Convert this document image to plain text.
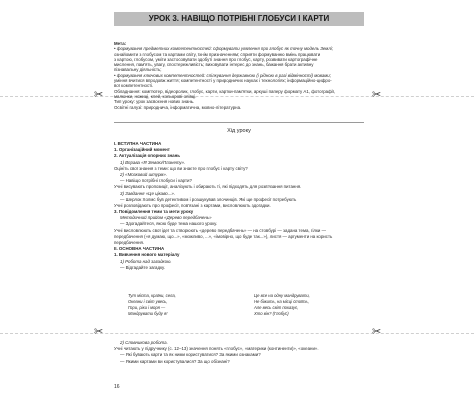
✂	✂
✂	✂
УРОК 3. НАВІЩО ПОТРІБНІ ГЛОБУСИ І КАРТИ
Мета:
• формування предметних компетентностей: сформувати уявлення про глобус як точну модель Землі;
ознайомити з глобусом та картами світу, їхнім призначенням; сприяти формуванню вмінь працювати
з картою, глобусом, уміти застосовувати здобуті знання про глобус, карту, розвивати картографічне
мислення, пам'ять, увагу, спостережливість; виховувати інтерес до знань, бажання брати активну
пізнавальну діяльність;
• формування ключових компетентностей: спілкування державною (і рідною в разі відмінності) мовами;
уміння вчитися впродовж життя; компетентності у природничих науках і технологіях; інформаційно-цифро-
вої компетентності.
Обладнання: комп'ютер, відеоролик, глобус, карти, картки-пам'ятки, аркуші паперу формату А1, фотографії,
малюнки, ножиці, клей, кольорові олівці.
Тип уроку: урок засвоєння нових знань.
Освітні галузі: природнича, інформатична, мовно-літературна.
Хід уроку
I. ВСТУПНА ЧАСТИНА
1. Організаційний момент
2. Актуалізація опорних знань
1) Вправа «Я Землю/Планету».
Оцініть свої знання з теми: що ви знаєте про глобус і карту світу?
2) «Мозковий штурм».
— Навіщо потрібні глобуси і карти?
Учні висувають пропозиції, аналізують і обирають ті, які підходять для розв'язання питання.
3) Завдання «Це цікаво...».
— Шерлок Холмс був детективом і розшукував злочинців. Які ще професії потребують
Учні розповідають про професії, пов'язані з картами, висловлюють здогадки.
3. Повідомлення теми та мети уроку
Методичний прийом «Дерево передбачень»
— Здогадайтеся, якою буде тема нашого уроку.
Учні висловлюють свої ідеї та створюють «дерево передбачень» — на стовбурі — задана тема, гілки —
передбачення («я думаю, що...», «можливо, ...», «імовірно, що буде так...»), листя — аргументи на користь
передбачення.
II. ОСНОВНА ЧАСТИНА
1. Вивчення нового матеріалу
1) Робота над загадкою.
— Відгадайте загадку.
Тут міста, країни, села,
Океани і світ увесь,
Гори, ріки і моря —
Мандрувати буду я!
Це все на одну мандрувати,
Не біжить, на місці стоїть,
Але весь світ показує,
Хто він? (Глобус)
2) Словникова робота.
Учні читають у підручнику (с. 12–13) значення понять «глобус», «материки (континенти)», «океани».
— Які бувають карти та як ними користуватися? За якими ознаками?
— Якими картами ви користувалися? За що обізнані?
16
